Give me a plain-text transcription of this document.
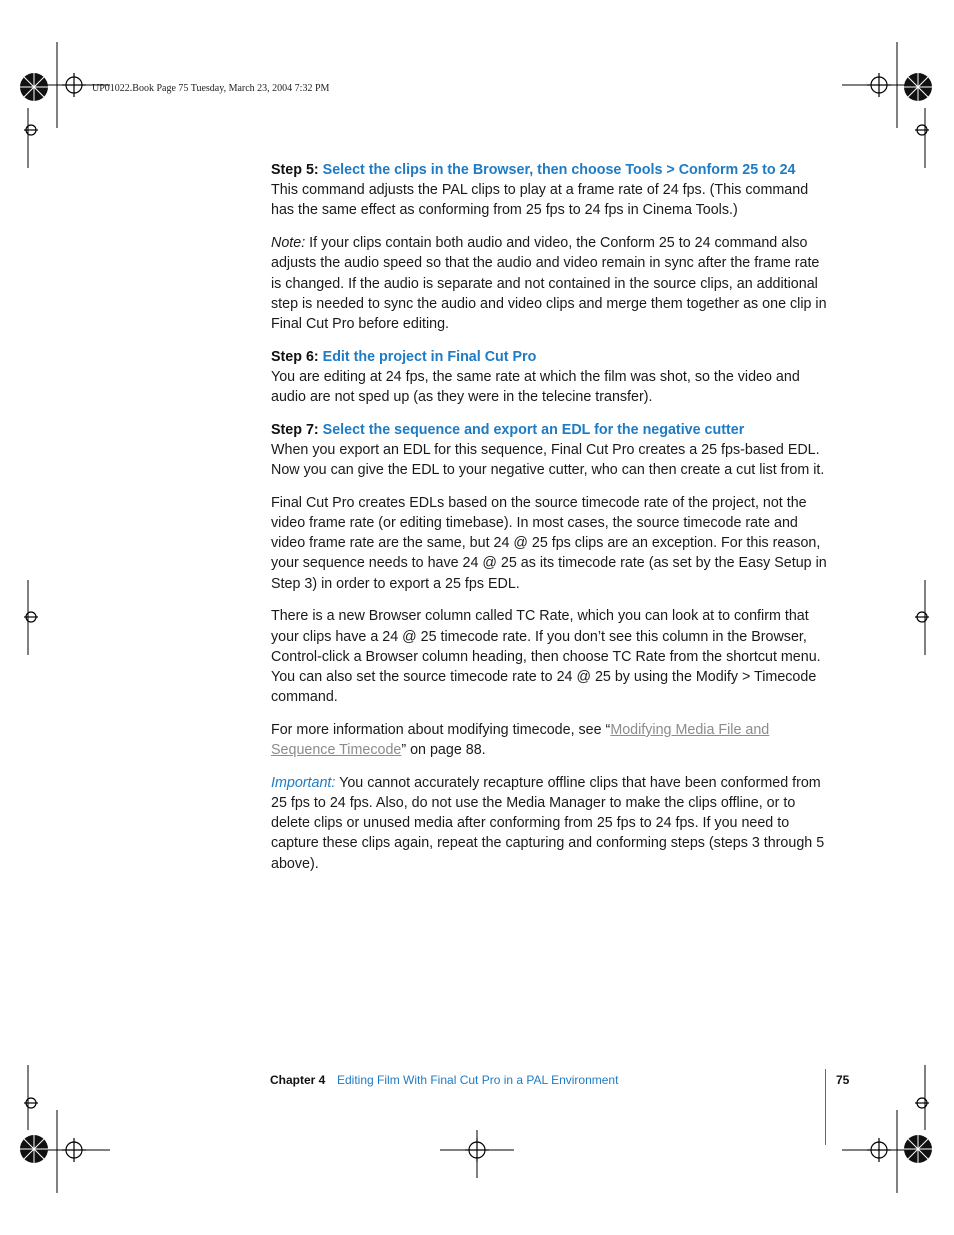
UP01022.Book Page 75 Tuesday, March 23, 2004 7:32 PM

Step 5: Select the clips in the Browser, then choose Tools > Conform 25 to 24

This command adjusts the PAL clips to play at a frame rate of 24 fps. (This command has the same effect as conforming from 25 fps to 24 fps in Cinema Tools.)

Note: If your clips contain both audio and video, the Conform 25 to 24 command also adjusts the audio speed so that the audio and video remain in sync after the frame rate is changed. If the audio is separate and not contained in the source clips, an additional step is needed to sync the audio and video clips and merge them together as one clip in Final Cut Pro before editing.

Step 6: Edit the project in Final Cut Pro

You are editing at 24 fps, the same rate at which the film was shot, so the video and audio are not sped up (as they were in the telecine transfer).

Step 7: Select the sequence and export an EDL for the negative cutter

When you export an EDL for this sequence, Final Cut Pro creates a 25 fps-based EDL. Now you can give the EDL to your negative cutter, who can then create a cut list from it.

Final Cut Pro creates EDLs based on the source timecode rate of the project, not the video frame rate (or editing timebase). In most cases, the source timecode rate and video frame rate are the same, but 24 @ 25 fps clips are an exception. For this reason, your sequence needs to have 24 @ 25 as its timecode rate (as set by the Easy Setup in Step 3) in order to export a 25 fps EDL.

There is a new Browser column called TC Rate, which you can look at to confirm that your clips have a 24 @ 25 timecode rate. If you don’t see this column in the Browser, Control-click a Browser column heading, then choose TC Rate from the shortcut menu. You can also set the source timecode rate to 24 @ 25 by using the Modify > Timecode command.

For more information about modifying timecode, see “Modifying Media File and Sequence Timecode” on page 88.

Important: You cannot accurately recapture offline clips that have been conformed from 25 fps to 24 fps. Also, do not use the Media Manager to make the clips offline, or to delete clips or unused media after conforming from 25 fps to 24 fps. If you need to capture these clips again, repeat the capturing and conforming steps (steps 3 through 5 above).

Chapter 4 Editing Film With Final Cut Pro in a PAL Environment	75
